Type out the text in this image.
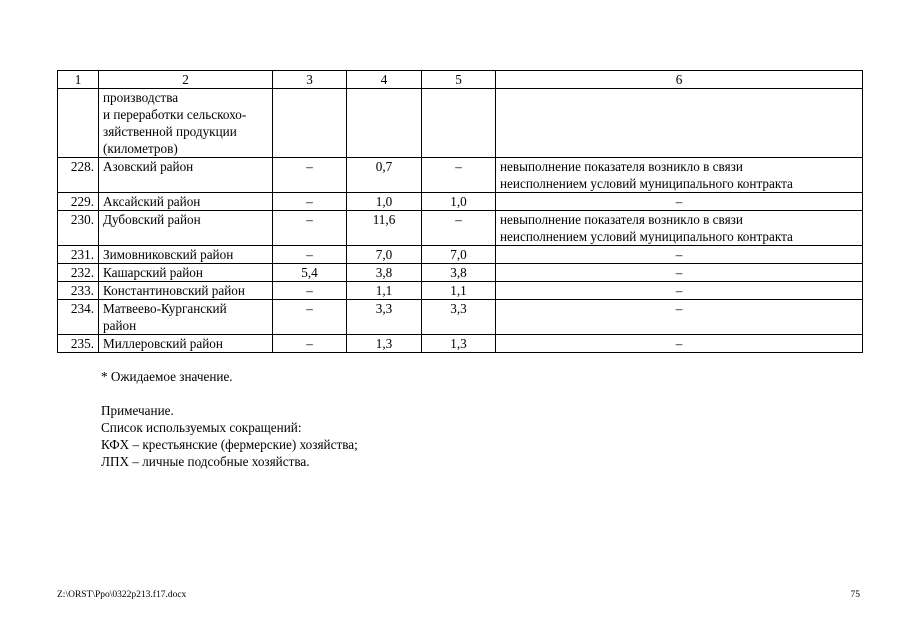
1	2	3	4	5	6

	производства
и переработки сельскохо-
зяйственной продукции
(километров)				

228.	Азовский район	–	0,7	–	невыполнение показателя возникло в связи
неисполнением условий муниципального контракта

229.	Аксайский район	–	1,0	1,0	–

230.	Дубовский район	–	11,6	–	невыполнение показателя возникло в связи
неисполнением условий муниципального контракта

231.	Зимовниковский район	–	7,0	7,0	–

232.	Кашарский район	5,4	3,8	3,8	–

233.	Константиновский район	–	1,1	1,1	–

234.	Матвеево-Курганский
район	–	3,3	3,3	–

235.	Миллеровский район	–	1,3	1,3	–
* Ожидаемое значение.
Примечание.
Список используемых сокращений:
КФХ – крестьянские (фермерские) хозяйства;
ЛПХ – личные подсобные хозяйства.
Z:\ORST\Ppo\0322p213.f17.docx	75
